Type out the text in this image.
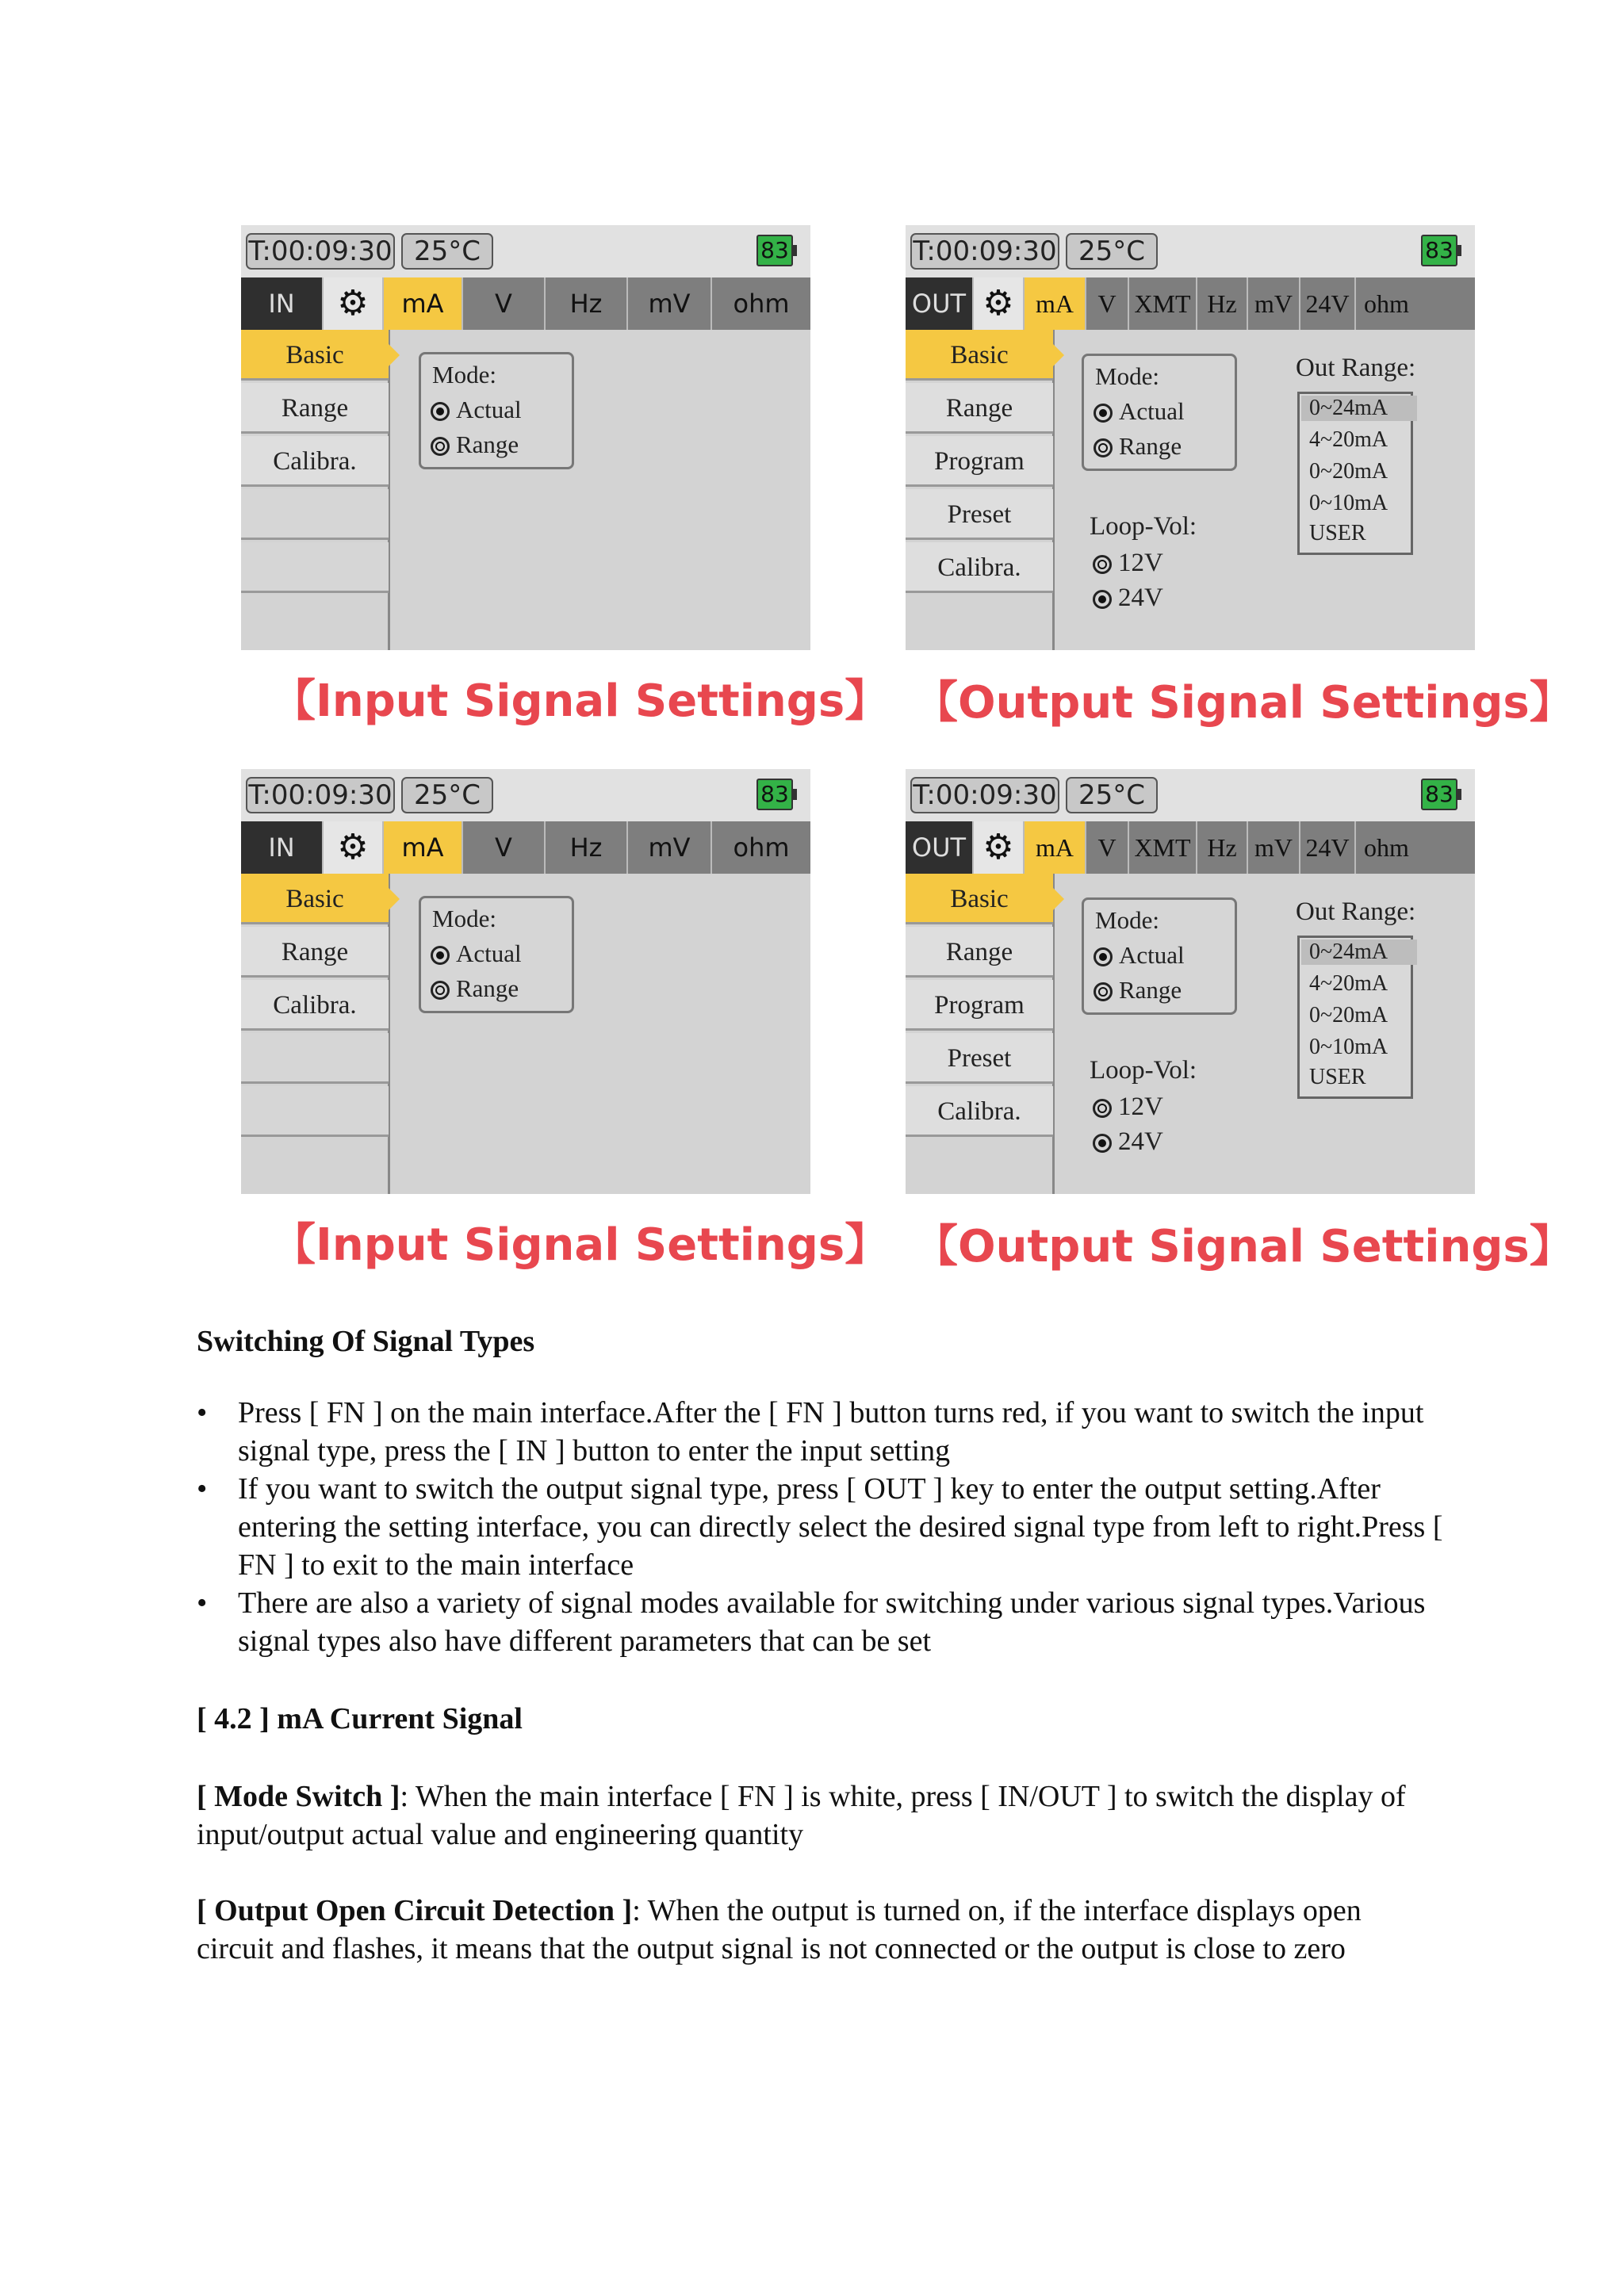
T:00:09:30 25°C	83
IN	⚙	mA	V	Hz	mV	ohm
Basic
Range
Calibra.
Mode:
Actual
Range
【Input Signal Settings】
T:00:09:30 25°C	83
OUT ⚙ mA V XMT Hz mV 24V ohm
Basic
Range
Program
Preset
Calibra.
Mode:
Actual
Range
Loop-Vol:
12V
24V
Out Range:
0~24mA
4~20mA
0~20mA
0~10mA
USER
【Output Signal Settings】
T:00:09:30 25°C	83
IN	⚙	mA	V	Hz	mV	ohm
Basic
Range
Calibra.
Mode:
Actual
Range
【Input Signal Settings】
T:00:09:30 25°C	83
OUT ⚙ mA V XMT Hz mV 24V ohm
Basic
Range
Program
Preset
Calibra.
Mode:
Actual
Range
Loop-Vol:
12V
24V
Out Range:
0~24mA
4~20mA
0~20mA
0~10mA
USER
【Output Signal Settings】
Switching Of Signal Types
• Press [ FN ] on the main interface.After the [ FN ] button turns red, if you want to switch the input signal type, press the [ IN ] button to enter the input setting
• If you want to switch the output signal type, press [ OUT ] key to enter the output setting.After entering the setting interface, you can directly select the desired signal type from left to right.Press [ FN ] to exit to the main interface
• There are also a variety of signal modes available for switching under various signal types.Various signal types also have different parameters that can be set
[ 4.2 ] mA Current Signal
[ Mode Switch ]: When the main interface [ FN ] is white, press [ IN/OUT ] to switch the display of input/output actual value and engineering quantity
[ Output Open Circuit Detection ]: When the output is turned on, if the interface displays open circuit and flashes, it means that the output signal is not connected or the output is close to zero
